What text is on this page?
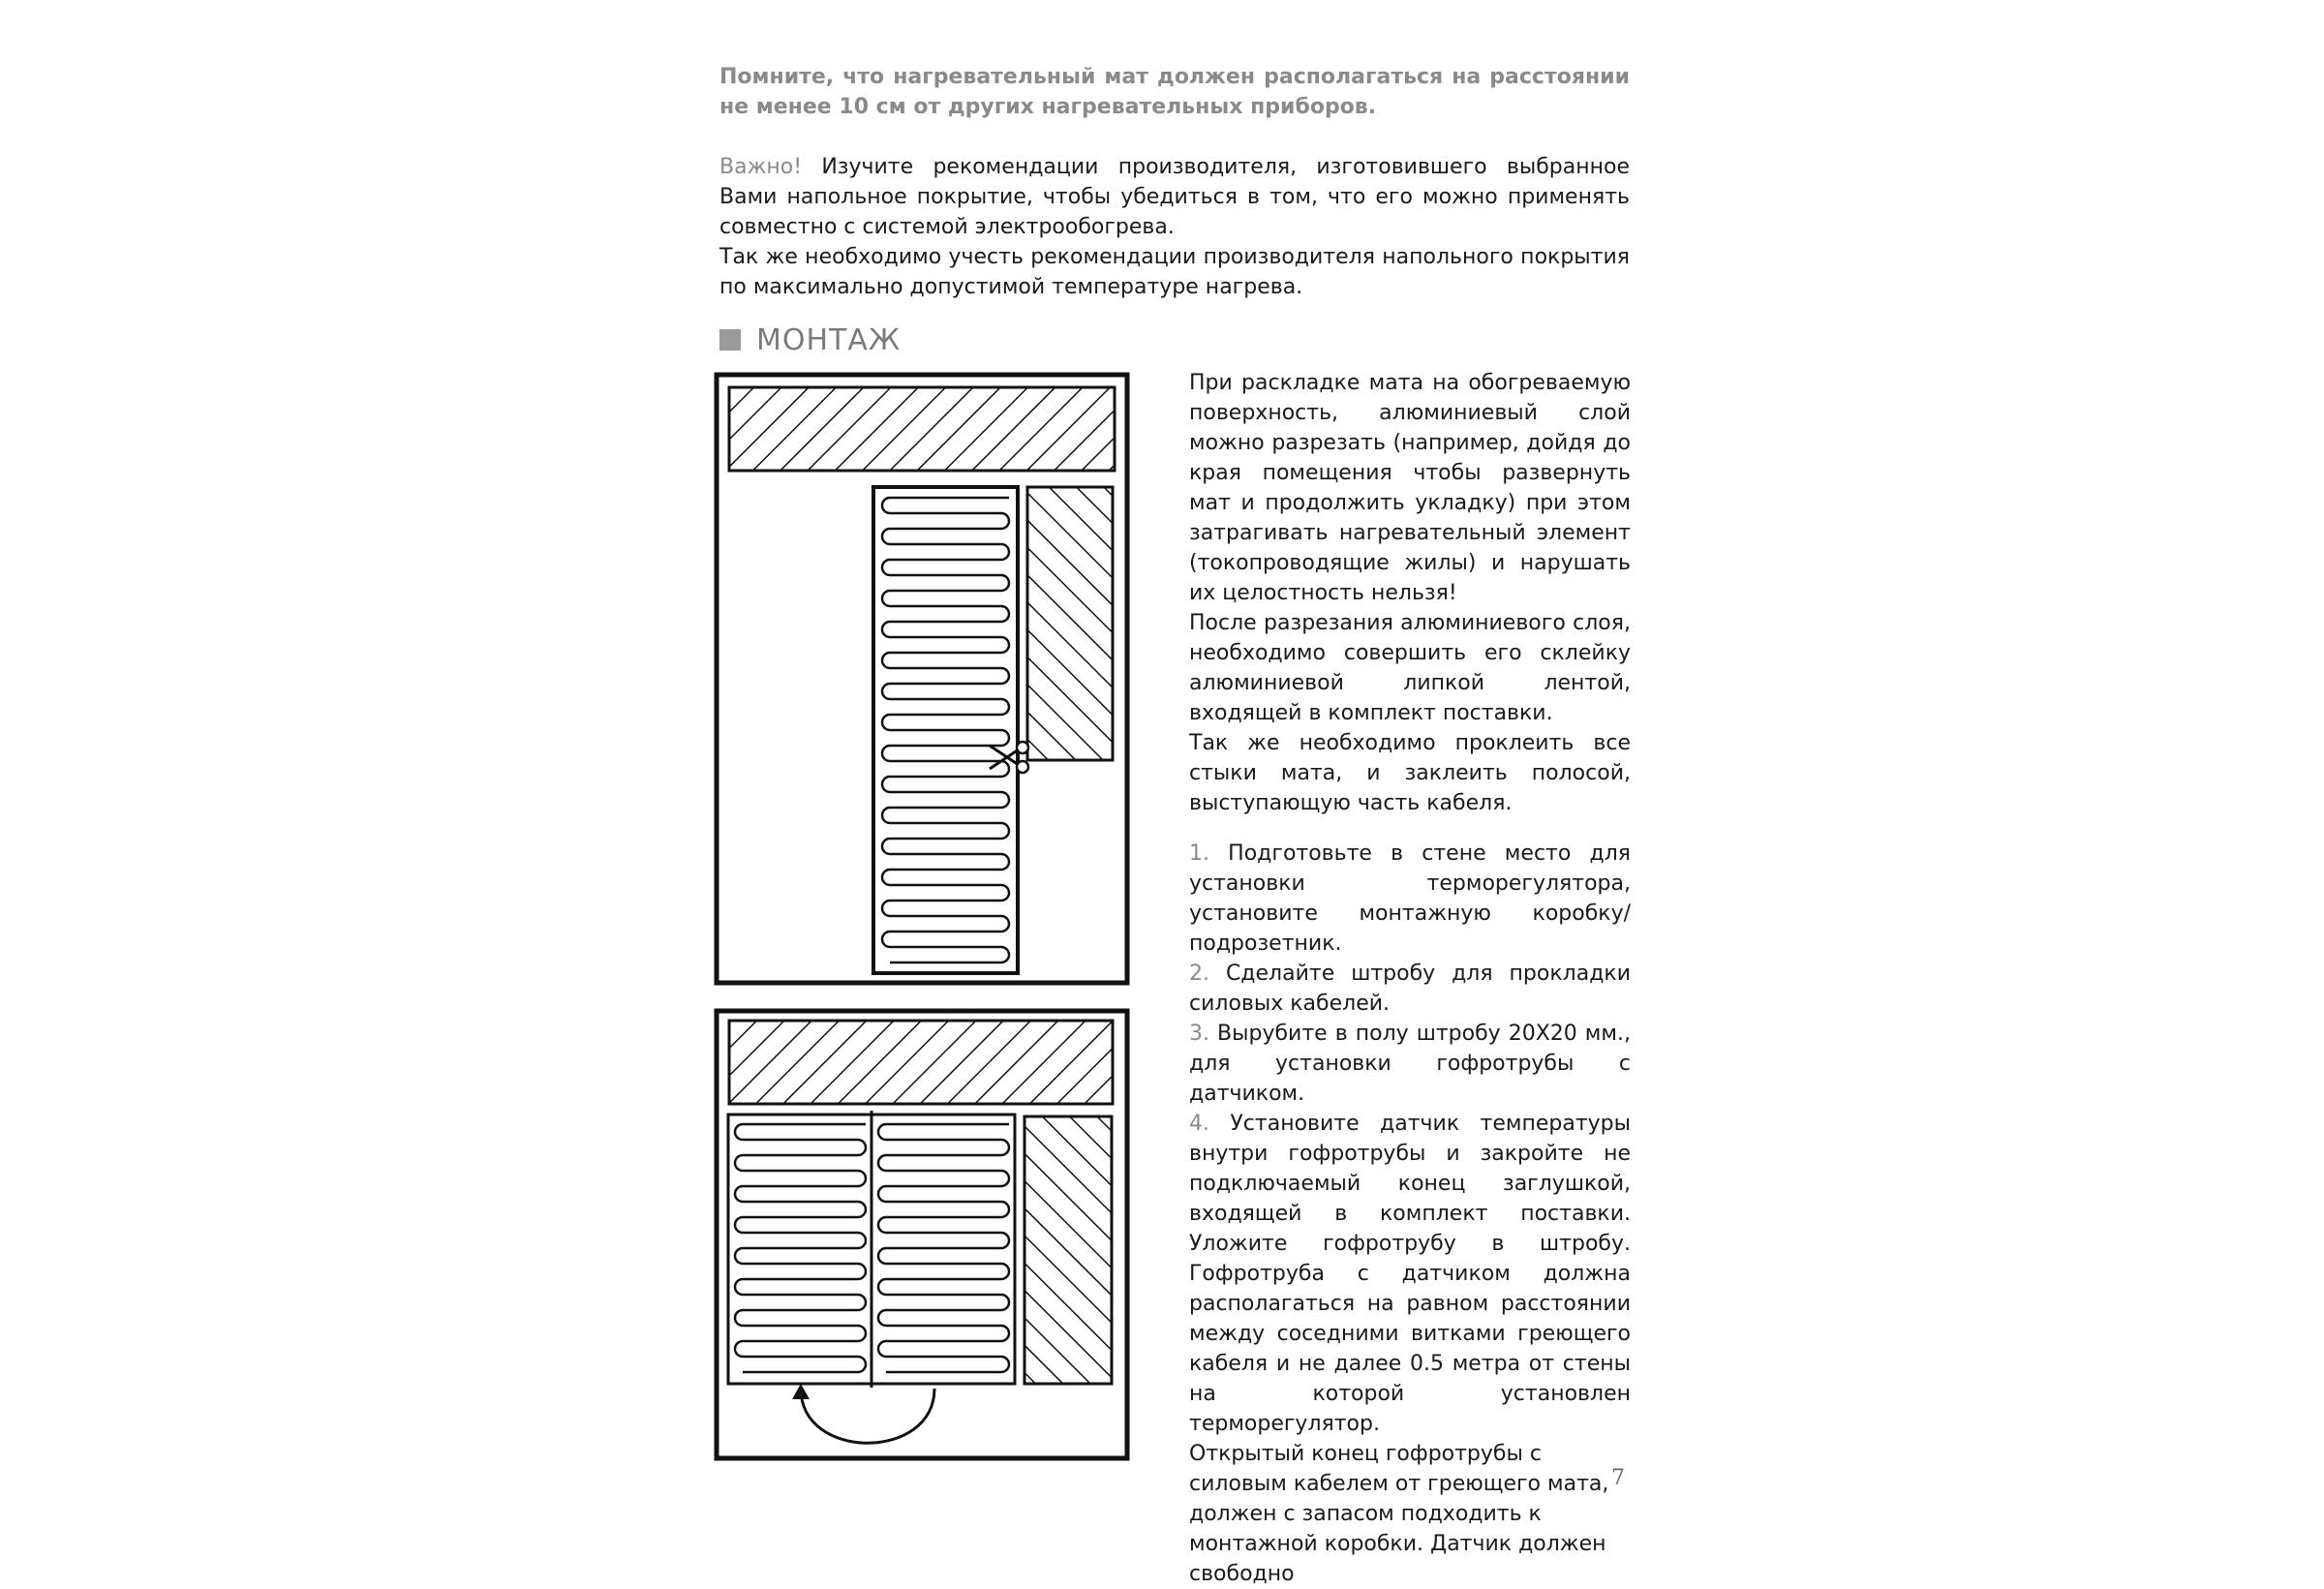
Помните, что нагревательный мат должен располагаться на расстоянии не менее 10 см от других нагревательных приборов.

Важно! Изучите рекомендации производителя, изготовившего выбранное Вами напольное покрытие, чтобы убедиться в том, что его можно применять совместно с системой электрообогрева.

Так же необходимо учесть рекомендации производителя напольного покрытия по максимально допустимой температуре нагрева.

МОНТАЖ

При раскладке мата на обогреваемую поверхность, алюминиевый слой можно разрезать (например, дойдя до края помещения чтобы развернуть мат и продолжить укладку) при этом затрагивать нагревательный элемент (токопроводящие жилы) и нарушать их целостность нельзя!

После разрезания алюминиевого слоя, необходимо совершить его склейку алюминиевой липкой лентой, входящей в комплект поставки.

Так же необходимо проклеить все стыки мата, и заклеить полосой, выступающую часть кабеля.

1. Подготовьте в стене место для установки терморегулятора, установите монтажную коробку/подрозетник.

2. Сделайте штробу для прокладки силовых кабелей.

3. Вырубите в полу штробу 20Х20 мм., для установки гофротрубы с датчиком.

4. Установите датчик температуры внутри гофротрубы и закройте не подключаемый конец заглушкой, входящей в комплект поставки. Уложите гофротрубу в штробу. Гофротруба с датчиком должна располагаться на равном расстоянии между соседними витками греющего кабеля и не далее 0.5 метра от стены на которой установлен терморегулятор.

Открытый конец гофротрубы с силовым кабелем от греющего мата, должен с запасом подходить к монтажной коробки. Датчик должен свободно

7
